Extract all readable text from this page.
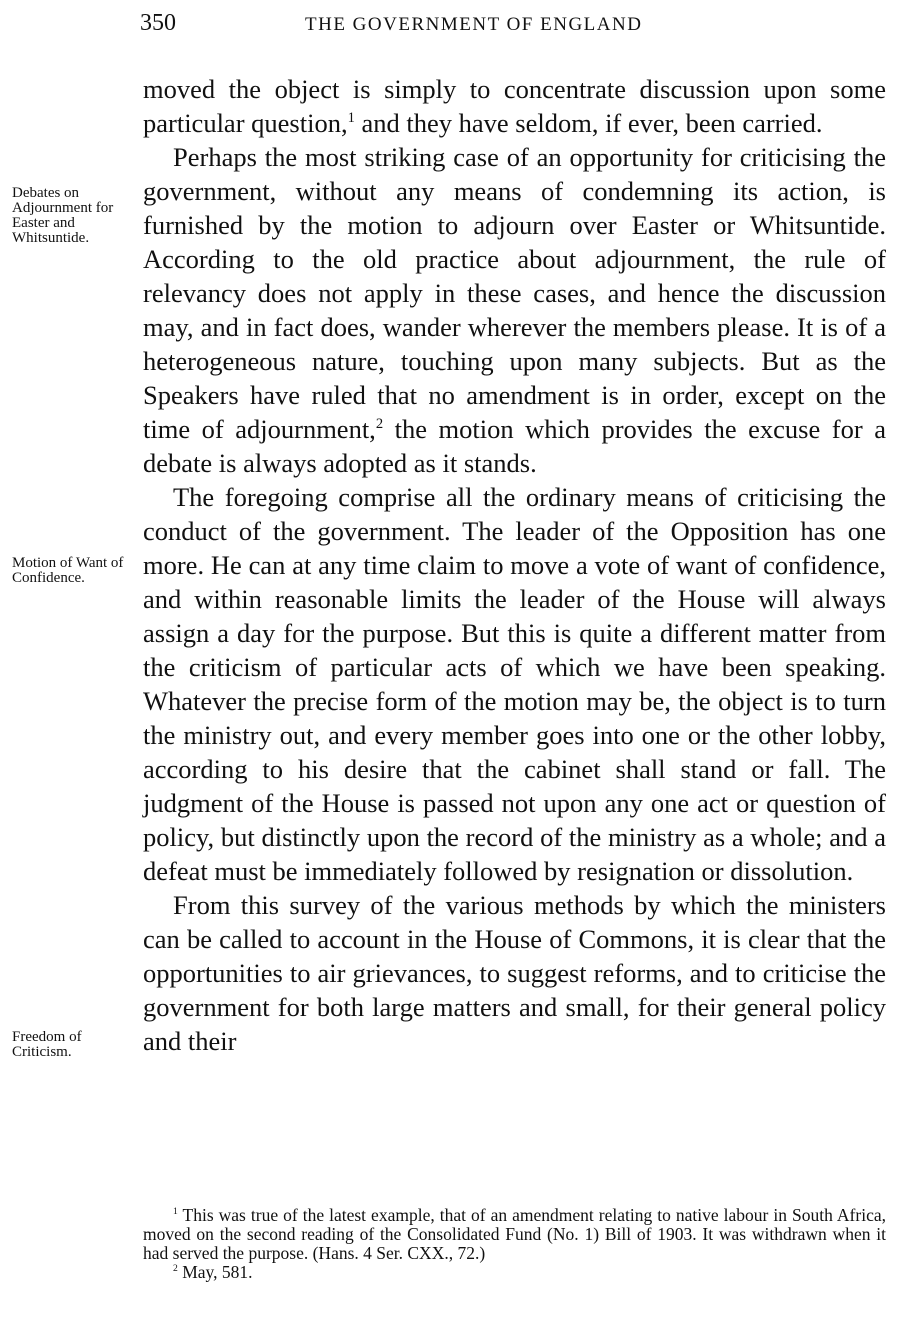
350	THE GOVERNMENT OF ENGLAND
Debates on Adjournment for Easter and Whitsuntide.
Motion of Want of Confidence.
Freedom of Criticism.

moved the object is simply to concentrate discussion upon some particular question,$^1$ and they have seldom, if ever, been carried.

Perhaps the most striking case of an opportunity for criticising the government, without any means of condemning its action, is furnished by the motion to adjourn over Easter or Whitsuntide. According to the old practice about adjournment, the rule of relevancy does not apply in these cases, and hence the discussion may, and in fact does, wander wherever the members please. It is of a heterogeneous nature, touching upon many subjects. But as the Speakers have ruled that no amendment is in order, except on the time of adjournment,$^2$ the motion which provides the excuse for a debate is always adopted as it stands.

The foregoing comprise all the ordinary means of criticising the conduct of the government. The leader of the Opposition has one more. He can at any time claim to move a vote of want of confidence, and within reasonable limits the leader of the House will always assign a day for the purpose. But this is quite a different matter from the criticism of particular acts of which we have been speaking. Whatever the precise form of the motion may be, the object is to turn the ministry out, and every member goes into one or the other lobby, according to his desire that the cabinet shall stand or fall. The judgment of the House is passed not upon any one act or question of policy, but distinctly upon the record of the ministry as a whole; and a defeat must be immediately followed by resignation or dissolution.

From this survey of the various methods by which the ministers can be called to account in the House of Commons, it is clear that the opportunities to air grievances, to suggest reforms, and to criticise the government for both large matters and small, for their general policy and their

$^1$ This was true of the latest example, that of an amendment relating to native labour in South Africa, moved on the second reading of the Consolidated Fund (No. 1) Bill of 1903. It was withdrawn when it had served the purpose. (Hans. 4 Ser. CXX., 72.)

$^2$ May, 581.
